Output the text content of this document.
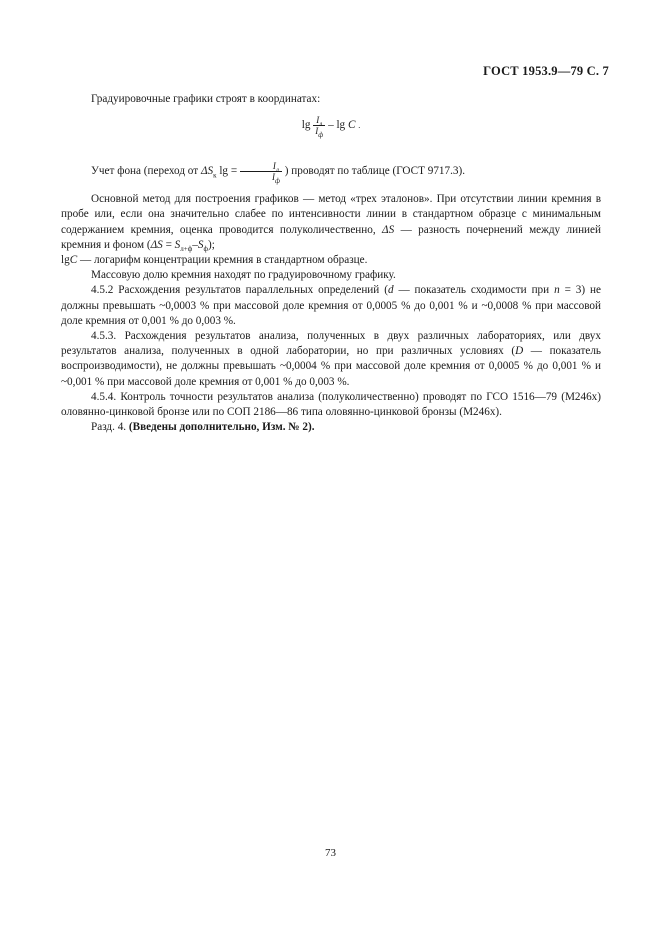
ГОСТ 1953.9—79 С. 7

Градуировочные графики строят в координатах:

$\lg \frac{I_л}{I_ф}$ – lg C .

Учет фона (переход от $\Delta S_к$ $\lg = \frac{I_л}{I_ф}$ ) проводят по таблице (ГОСТ 9717.3).

Основной метод для построения графиков — метод «трех эталонов». При отсутствии линии кремния в пробе или, если она значительно слабее по интенсивности линии в стандартном образце с минимальным содержанием кремния, оценка проводится полуколичественно, ΔS — разность почернений между линией кремния и фоном $(\Delta S = S_{л+ф}-S_ф)$;

lgC — логарифм концентрации кремния в стандартном образце.

Массовую долю кремния находят по градуировочному графику.

4.5.2 Расхождения результатов параллельных определений (d — показатель сходимости при n = 3) не должны превышать ~0,0003 % при массовой доле кремния от 0,0005 % до 0,001 % и ~0,0008 % при массовой доле кремния от 0,001 % до 0,003 %.

4.5.3. Расхождения результатов анализа, полученных в двух различных лабораториях, или двух результатов анализа, полученных в одной лаборатории, но при различных условиях (D — показатель воспроизводимости), не должны превышать ~0,0004 % при массовой доле кремния от 0,0005 % до 0,001 % и ~0,001 % при массовой доле кремния от 0,001 % до 0,003 %.

4.5.4. Контроль точности результатов анализа (полуколичественно) проводят по ГСО 1516—79 (М246х) оловянно-цинковой бронзе или по СОП 2186—86 типа оловянно-цинковой бронзы (М246х).

Разд. 4. (Введены дополнительно, Изм. № 2).

73
